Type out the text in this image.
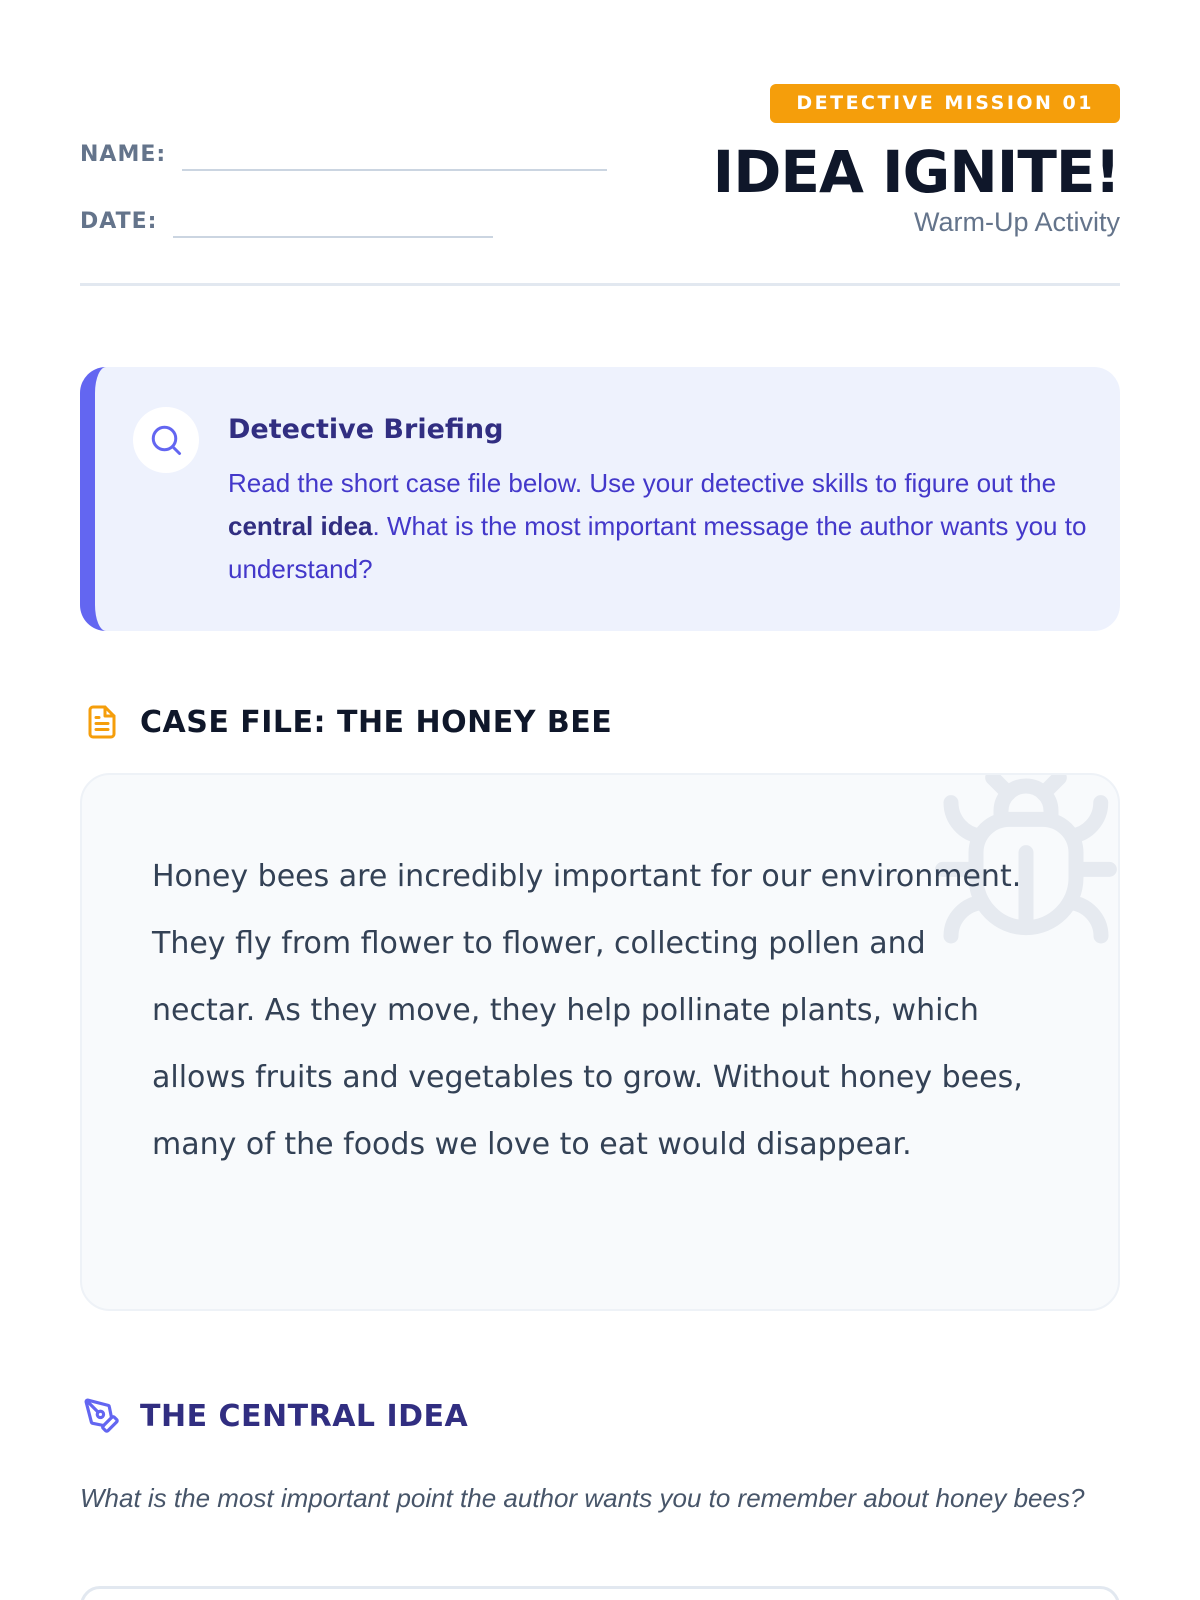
NAME:
DATE:
DETECTIVE MISSION 01
IDEA IGNITE!
Warm-Up Activity
Detective Briefing
Read the short case file below. Use your detective skills to figure out the central idea. What is the most important message the author wants you to understand?
CASE FILE: THE HONEY BEE

Honey bees are incredibly important for our environment. They fly from flower to flower, collecting pollen and nectar. As they move, they help pollinate plants, which allows fruits and vegetables to grow. Without honey bees, many of the foods we love to eat would disappear.

THE CENTRAL IDEA

What is the most important point the author wants you to remember about honey bees?
